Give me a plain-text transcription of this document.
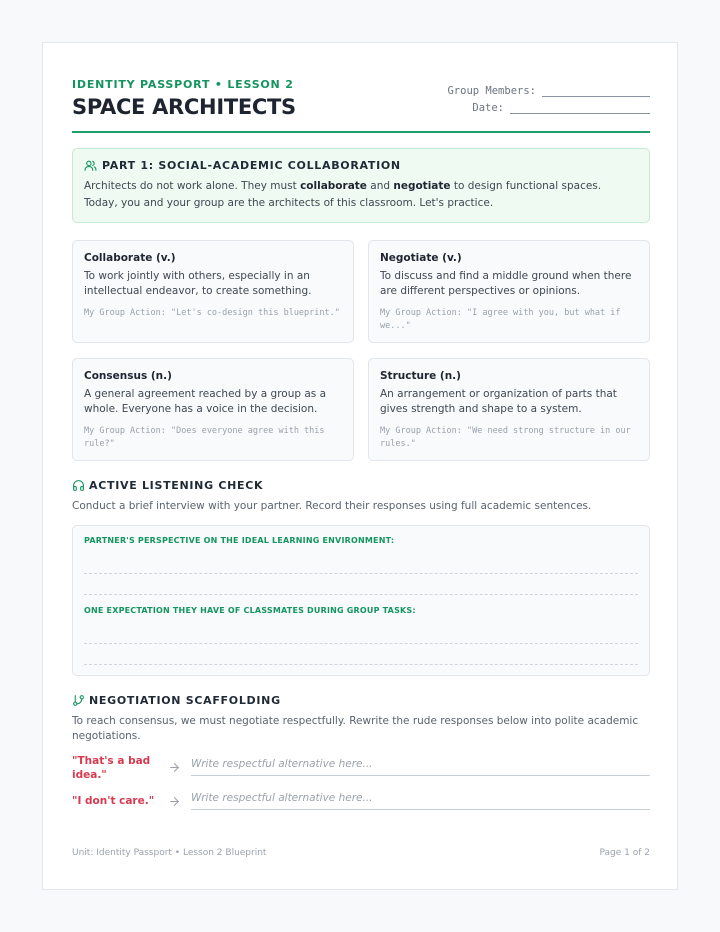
IDENTITY PASSPORT • LESSON 2
SPACE ARCHITECTS
Group Members:
Date:
PART 1: SOCIAL-ACADEMIC COLLABORATION
Architects do not work alone. They must collaborate and negotiate to design functional spaces. Today, you and your group are the architects of this classroom. Let's practice.
Collaborate (v.)
To work jointly with others, especially in an intellectual endeavor, to create something.
My Group Action: "Let's co-design this blueprint."
Negotiate (v.)
To discuss and find a middle ground when there are different perspectives or opinions.
My Group Action: "I agree with you, but what if we..."
Consensus (n.)
A general agreement reached by a group as a whole. Everyone has a voice in the decision.
My Group Action: "Does everyone agree with this rule?"
Structure (n.)
An arrangement or organization of parts that gives strength and shape to a system.
My Group Action: "We need strong structure in our rules."
ACTIVE LISTENING CHECK
Conduct a brief interview with your partner. Record their responses using full academic sentences.
PARTNER'S PERSPECTIVE ON THE IDEAL LEARNING ENVIRONMENT:
ONE EXPECTATION THEY HAVE OF CLASSMATES DURING GROUP TASKS:
NEGOTIATION SCAFFOLDING
To reach consensus, we must negotiate respectfully. Rewrite the rude responses below into polite academic negotiations.
"That's a bad idea."
Write respectful alternative here...
"I don't care."	Write respectful alternative here...
Unit: Identity Passport • Lesson 2 Blueprint	Page 1 of 2
